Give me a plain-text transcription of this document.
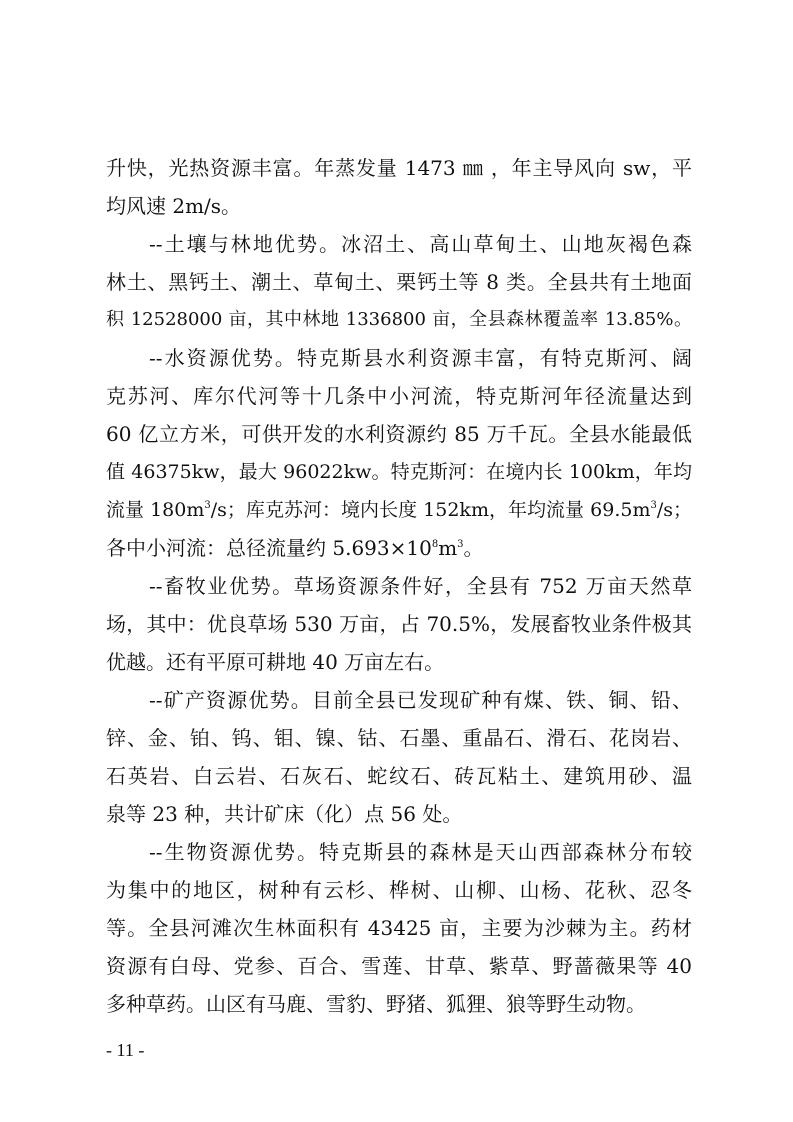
升快，光热资源丰富。年蒸发量 1473 ㎜ ，年主导风向 sw，平
均风速 2m/s。
--土壤与林地优势。冰沼土、高山草甸土、山地灰褐色森
林土、黑钙土、潮土、草甸土、栗钙土等 8 类。全县共有土地面
积 12528000 亩，其中林地 1336800 亩，全县森林覆盖率 13.85%。
--水资源优势。特克斯县水利资源丰富，有特克斯河、阔
克苏河、库尔代河等十几条中小河流，特克斯河年径流量达到
60 亿立方米，可供开发的水利资源约 85 万千瓦。全县水能最低
值 46375kw，最大 96022kw。特克斯河：在境内长 100km，年均
流量 $180m^3/s$；库克苏河：境内长度 152km，年均流量 $69.5m^3/s$；
各中小河流：总径流量约 $5.693\times 10^8m^3$。
--畜牧业优势。草场资源条件好，全县有 752 万亩天然草
场，其中：优良草场 530 万亩，占 70.5%，发展畜牧业条件极其
优越。还有平原可耕地 40 万亩左右。
--矿产资源优势。目前全县已发现矿种有煤、铁、铜、铅、
锌、金、铂、钨、钼、镍、钴、石墨、重晶石、滑石、花岗岩、
石英岩、白云岩、石灰石、蛇纹石、砖瓦粘土、建筑用砂、温
泉等 23 种，共计矿床（化）点 56 处。
--生物资源优势。特克斯县的森林是天山西部森林分布较
为集中的地区，树种有云杉、桦树、山柳、山杨、花秋、忍冬
等。全县河滩次生林面积有 43425 亩，主要为沙棘为主。药材
资源有白母、党参、百合、雪莲、甘草、紫草、野蔷薇果等 40
多种草药。山区有马鹿、雪豹、野猪、狐狸、狼等野生动物。
- 11 -
